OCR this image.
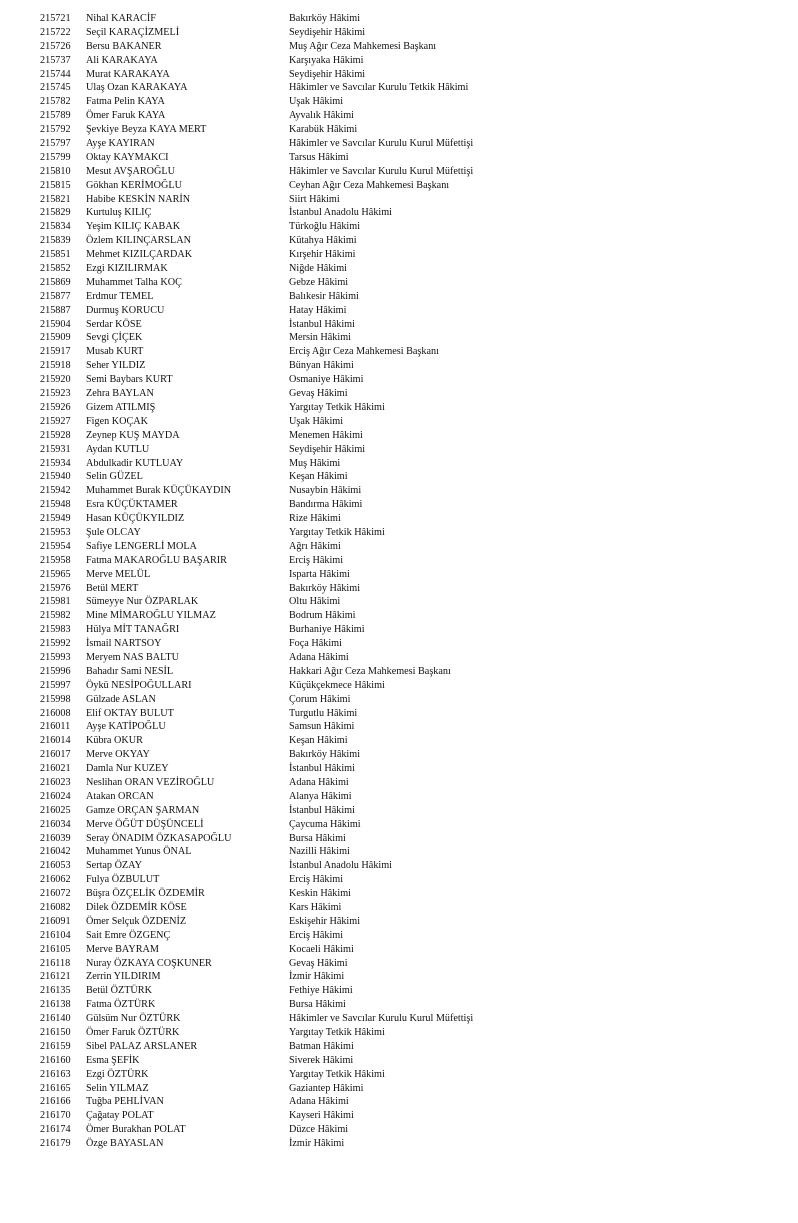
215721 Nihal KARACİF	Bakırköy Hâkimi
215722 Seçil KARAÇİZMELİ	Seydişehir Hâkimi
215726 Bersu BAKANER	Muş Ağır Ceza Mahkemesi Başkanı
215737 Ali KARAKAYA	Karşıyaka Hâkimi
215744 Murat KARAKAYA	Seydişehir Hâkimi
215745 Ulaş Ozan KARAKAYA	Hâkimler ve Savcılar Kurulu Tetkik Hâkimi
215782 Fatma Pelin KAYA	Uşak Hâkimi
215789 Ömer Faruk KAYA	Ayvalık Hâkimi
215792 Şevkiye Beyza KAYA MERT	Karabük Hâkimi
215797 Ayşe KAYIRAN	Hâkimler ve Savcılar Kurulu Kurul Müfettişi
215799 Oktay KAYMAKCI	Tarsus Hâkimi
215810 Mesut AVŞAROĞLU	Hâkimler ve Savcılar Kurulu Kurul Müfettişi
215815 Gökhan KERİMOĞLU	Ceyhan Ağır Ceza Mahkemesi Başkanı
215821 Habibe KESKİN NARİN	Siirt Hâkimi
215829 Kurtuluş KILIÇ	İstanbul Anadolu Hâkimi
215834 Yeşim KILIÇ KABAK	Türkoğlu Hâkimi
215839 Özlem KILINÇARSLAN	Kütahya Hâkimi
215851 Mehmet KIZILÇARDAK	Kırşehir Hâkimi
215852 Ezgi KIZILIRMAK	Niğde Hâkimi
215869 Muhammet Talha KOÇ	Gebze Hâkimi
215877 Erdmur TEMEL	Balıkesir Hâkimi
215887 Durmuş KORUCU	Hatay Hâkimi
215904 Serdar KÖSE	İstanbul Hâkimi
215909 Sevgi ÇİÇEK	Mersin Hâkimi
215917 Musab KURT	Erciş Ağır Ceza Mahkemesi Başkanı
215918 Seher YILDIZ	Bünyan Hâkimi
215920 Semi Baybars KURT	Osmaniye Hâkimi
215923 Zehra BAYLAN	Gevaş Hâkimi
215926 Gizem ATILMIŞ	Yargıtay Tetkik Hâkimi
215927 Figen KOÇAK	Uşak Hâkimi
215928 Zeynep KUŞ MAYDA	Menemen Hâkimi
215931 Aydan KUTLU	Seydişehir Hâkimi
215934 Abdulkadir KUTLUAY	Muş Hâkimi
215940 Selin GÜZEL	Keşan Hâkimi
215942 Muhammet Burak KÜÇÜKAYDIN	Nusaybin Hâkimi
215948 Esra KÜÇÜKTAMER	Bandırma Hâkimi
215949 Hasan KÜÇÜKYILDIZ	Rize Hâkimi
215953 Şule OLCAY	Yargıtay Tetkik Hâkimi
215954 Safiye LENGERLİ MOLA	Ağrı Hâkimi
215958 Fatma MAKAROĞLU BAŞARIR	Erciş Hâkimi
215965 Merve MELÜL	Isparta Hâkimi
215976 Betül MERT	Bakırköy Hâkimi
215981 Sümeyye Nur ÖZPARLAK	Oltu Hâkimi
215982 Mine MİMAROĞLU YILMAZ	Bodrum Hâkimi
215983 Hülya MİT TANAĞRI	Burhaniye Hâkimi
215992 İsmail NARTSOY	Foça Hâkimi
215993 Meryem NAS BALTU	Adana Hâkimi
215996 Bahadır Sami NESİL	Hakkari Ağır Ceza Mahkemesi Başkanı
215997 Öykü NESİPOĞULLARI	Küçükçekmece Hâkimi
215998 Gülzade ASLAN	Çorum Hâkimi
216008 Elif OKTAY BULUT	Turgutlu Hâkimi
216011 Ayşe KATİPOĞLU	Samsun Hâkimi
216014 Kübra OKUR	Keşan Hâkimi
216017 Merve OKYAY	Bakırköy Hâkimi
216021 Damla Nur KUZEY	İstanbul Hâkimi
216023 Neslihan ORAN VEZİROĞLU	Adana Hâkimi
216024 Atakan ORCAN	Alanya Hâkimi
216025 Gamze ORÇAN ŞARMAN	İstanbul Hâkimi
216034 Merve ÖĞÜT DÜŞÜNCELİ	Çaycuma Hâkimi
216039 Seray ÖNADIM ÖZKASAPOĞLU	Bursa Hâkimi
216042 Muhammet Yunus ÖNAL	Nazilli Hâkimi
216053 Sertap ÖZAY	İstanbul Anadolu Hâkimi
216062 Fulya ÖZBULUT	Erciş Hâkimi
216072 Büşra ÖZÇELİK ÖZDEMİR	Keskin Hâkimi
216082 Dilek ÖZDEMİR KÖSE	Kars Hâkimi
216091 Ömer Selçuk ÖZDENİZ	Eskişehir Hâkimi
216104 Sait Emre ÖZGENÇ	Erciş Hâkimi
216105 Merve BAYRAM	Kocaeli Hâkimi
216118 Nuray ÖZKAYA COŞKUNER	Gevaş Hâkimi
216121 Zerrin YILDIRIM	İzmir Hâkimi
216135 Betül ÖZTÜRK	Fethiye Hâkimi
216138 Fatma ÖZTÜRK	Bursa Hâkimi
216140 Gülsüm Nur ÖZTÜRK	Hâkimler ve Savcılar Kurulu Kurul Müfettişi
216150 Ömer Faruk ÖZTÜRK	Yargıtay Tetkik Hâkimi
216159 Sibel PALAZ ARSLANER	Batman Hâkimi
216160 Esma ŞEFİK	Siverek Hâkimi
216163 Ezgi ÖZTÜRK	Yargıtay Tetkik Hâkimi
216165 Selin YILMAZ	Gaziantep Hâkimi
216166 Tuğba PEHLİVAN	Adana Hâkimi
216170 Çağatay POLAT	Kayseri Hâkimi
216174 Ömer Burakhan POLAT	Düzce Hâkimi
216179 Özge BAYASLAN	İzmir Hâkimi
